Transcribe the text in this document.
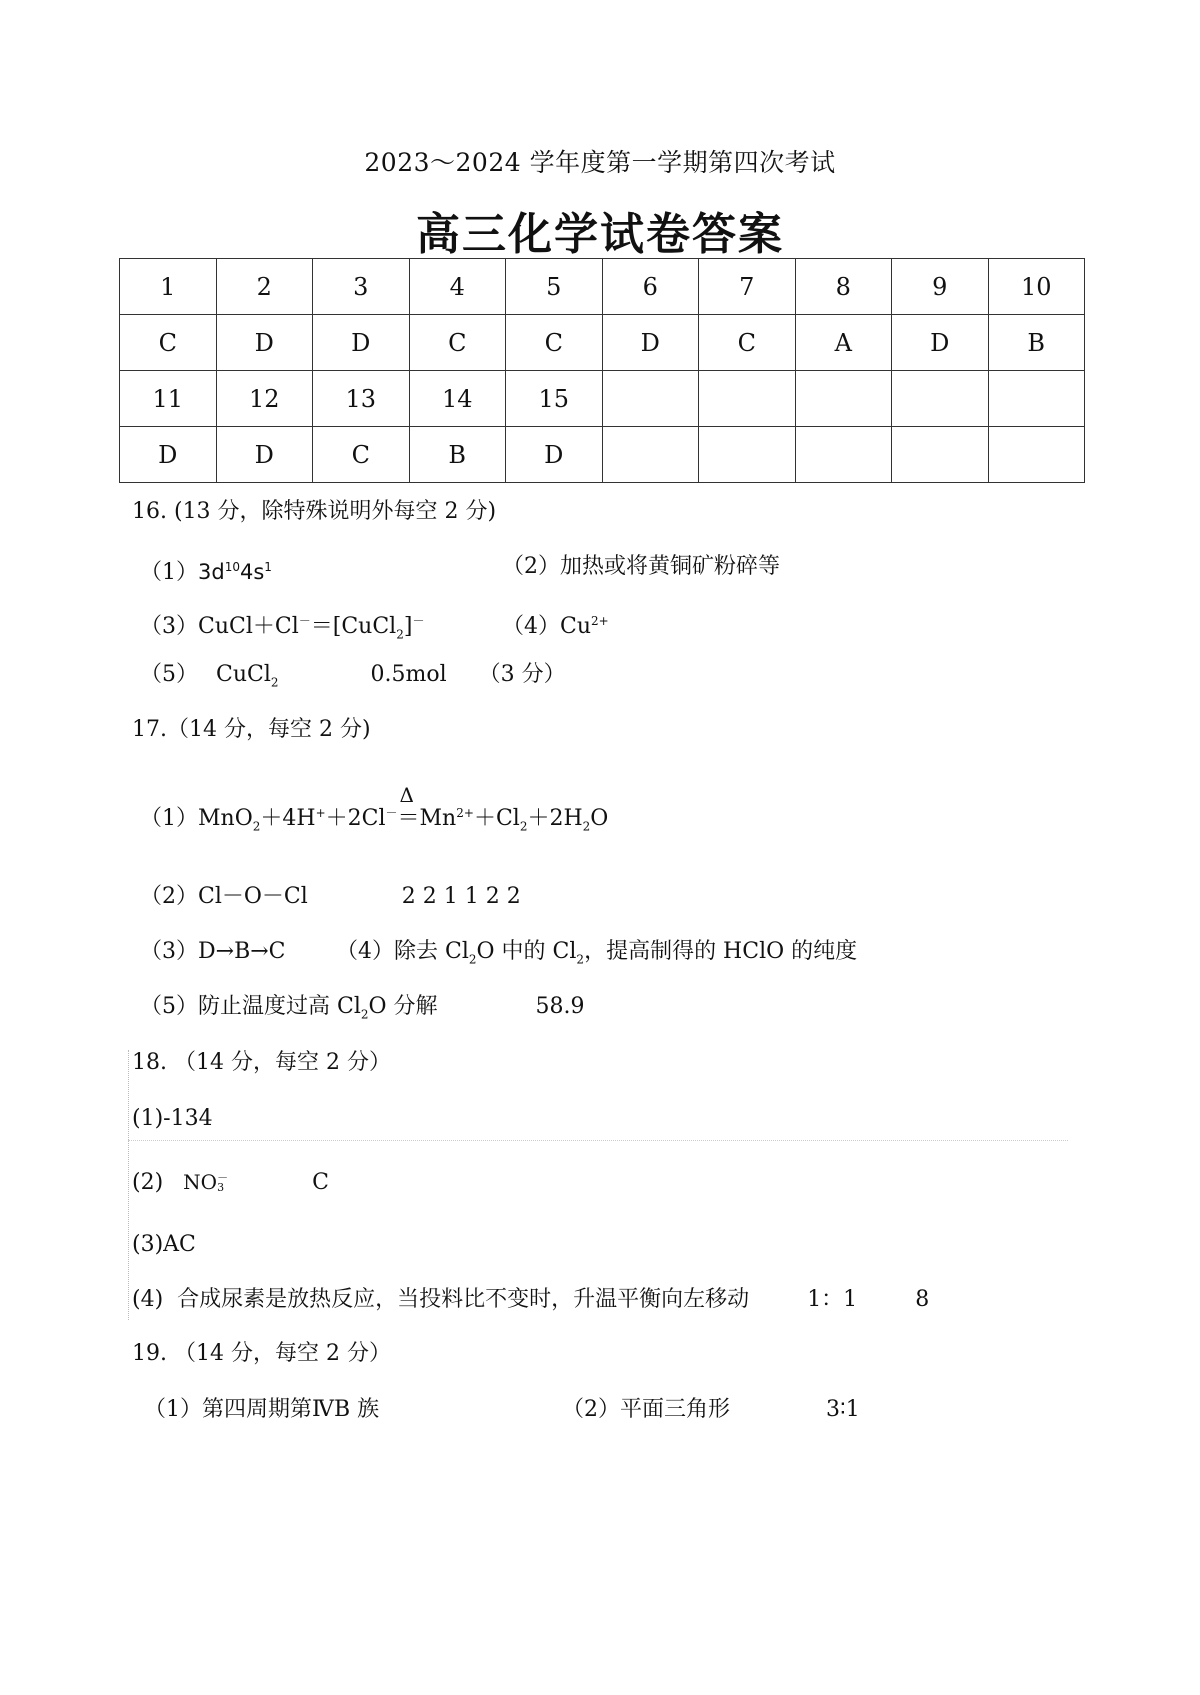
2023～2024 学年度第一学期第四次考试
高三化学试卷答案
1	2	3	4	5	6	7	8	9	10
C	D	D	C	C	D	C	A	D	B
11	12	13	14	15					
D	D	C	B	D					
16. (13 分，除特殊说明外每空 2 分)
$(1)3d^{10}4s^1$	（2）加热或将黄铜矿粉碎等
（3）CuCl＋Cl－＝[CuCl$_2$]－	$(4)Cu^{2+}$
（5） CuCl$_2$	0.5mol （3 分）
17.（14 分，每空 2 分)
（1）MnO$_2$＋4H+＋2Cl－
Δ
$=Mn^{2+}+Cl_2+2H_2O$
（2）Cl－O－Cl	2 2 1 1 2 2
（3）D→B→C （4）除去 $Cl_2O$ 中的 $Cl_2$，提高制得的 HClO 的纯度
（5）防止温度过高 $Cl_2O$ 分解	58.9
18. （14 分，每空 2 分）
(1)-134
(2) NO －
3	C
(3)AC
(4) 合成尿素是放热反应，当投料比不变时，升温平衡向左移动	1：1	8
19. （14 分，每空 2 分）
（1）第四周期第ⅣB 族	（2）平面三角形	3∶1
